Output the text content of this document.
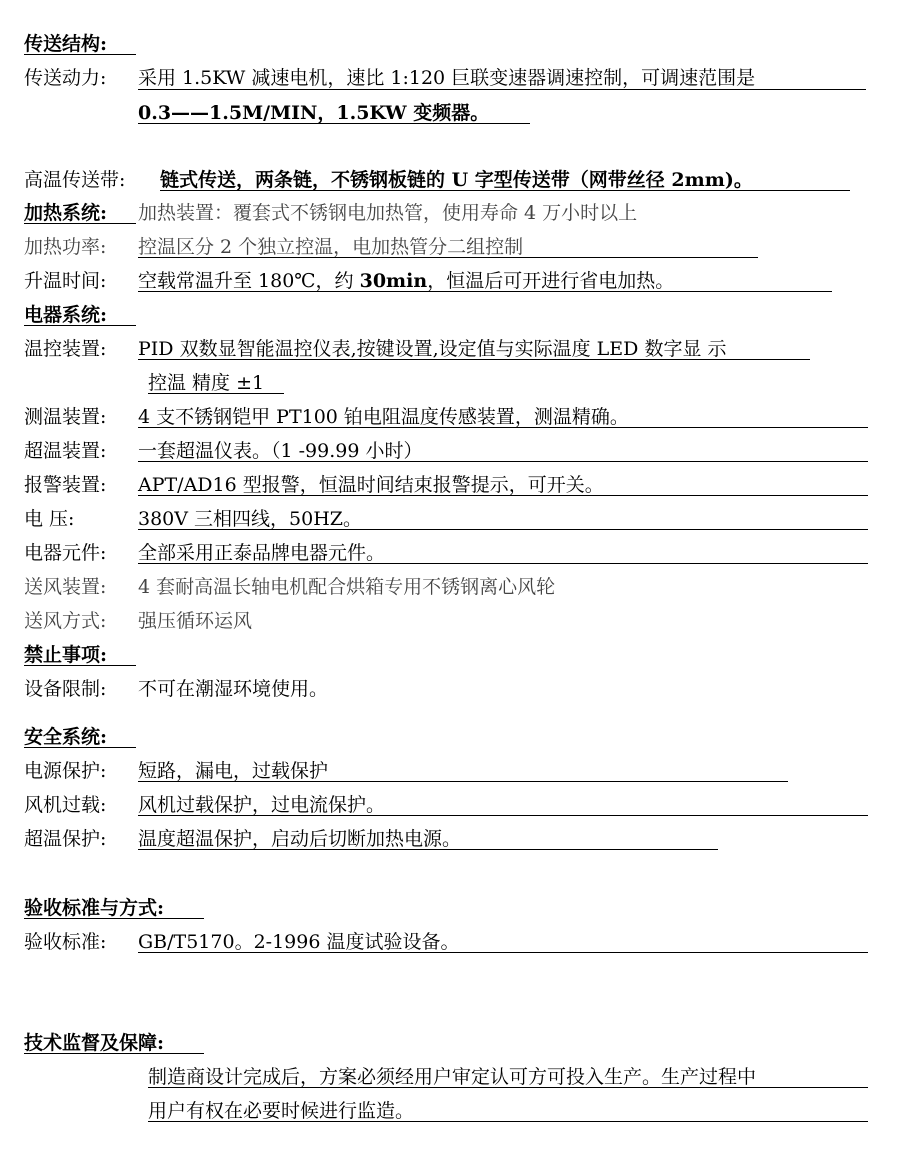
传送结构:
传送动力: 采用 1.5KW 减速电机，速比 1:120 巨联变速器调速控制，可调速范围是
0.3——1.5M/MIN，1.5KW 变频器。
高温传送带: 链式传送，两条链，不锈钢板链的 U 字型传送带（网带丝径 2mm)。
加热系统: 加热装置：覆套式不锈钢电加热管，使用寿命 4 万小时以上
加热功率: 控温区分 2 个独立控温，电加热管分二组控制
升温时间: 空载常温升至 180℃，约 30min，恒温后可开进行省电加热。
电器系统:
温控装置: PID 双数显智能温控仪表,按键设置,设定值与实际温度 LED 数字显 示
控温 精度 ±1
测温装置: 4 支不锈钢铠甲 PT100 铂电阻温度传感装置，测温精确。
超温装置: 一套超温仪表。（1 -99.99 小时）
报警装置: APT/AD16 型报警，恒温时间结束报警提示，可开关。
电 压:	380V 三相四线，50HZ。
电器元件: 全部采用正泰品牌电器元件。
送风装置: 4 套耐高温长轴电机配合烘箱专用不锈钢离心风轮
送风方式: 强压循环运风
禁止事项:
设备限制: 不可在潮湿环境使用。
安全系统:
电源保护: 短路，漏电，过载保护
风机过载: 风机过载保护，过电流保护。
超温保护: 温度超温保护，启动后切断加热电源。
验收标准与方式:
验收标准: GB/T5170。2-1996 温度试验设备。
技术监督及保障:
制造商设计完成后，方案必须经用户审定认可方可投入生产。生产过程中
用户有权在必要时候进行监造。
